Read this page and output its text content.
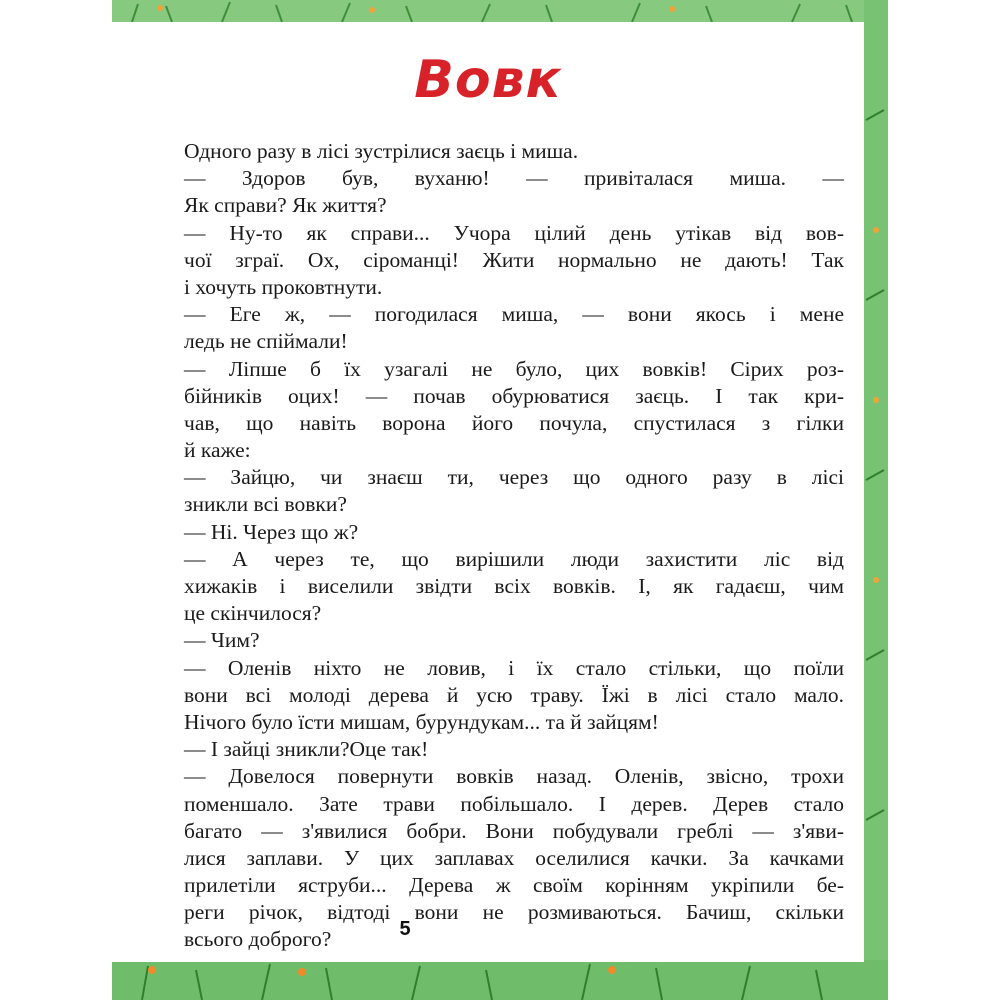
Вовк
Одного разу в лісі зустрілися заєць і миша.
— Здоров був, вуханю! — привіталася миша. —
Як справи? Як життя?
— Ну-то як справи... Учора цілий день утікав від вов-
чої зграї. Ох, сіроманці! Жити нормально не дають! Так
і хочуть проковтнути.
— Еге ж, — погодилася миша, — вони якось і мене
ледь не спіймали!
— Ліпше б їх узагалі не було, цих вовків! Сірих роз-
бійників оцих! — почав обурюватися заєць. І так кри-
чав, що навіть ворона його почула, спустилася з гілки
й каже:
— Зайцю, чи знаєш ти, через що одного разу в лісі
зникли всі вовки?
— Ні. Через що ж?
— А через те, що вирішили люди захистити ліс від
хижаків і виселили звідти всіх вовків. І, як гадаєш, чим
це скінчилося?
— Чим?
— Оленів ніхто не ловив, і їх стало стільки, що поїли
вони всі молоді дерева й усю траву. Їжі в лісі стало мало.
Нічого було їсти мишам, бурундукам... та й зайцям!
— І зайці зникли?Оце так!
— Довелося повернути вовків назад. Оленів, звісно, трохи
поменшало. Зате трави побільшало. І дерев. Дерев стало
багато — з'явилися бобри. Вони побудували греблі — з'яви-
лися заплави. У цих заплавах оселилися качки. За качками
прилетіли яструби... Дерева ж своїм корінням укріпили бе-
реги річок, відтоді вони не розмиваються. Бачиш, скільки
всього доброго?	5
